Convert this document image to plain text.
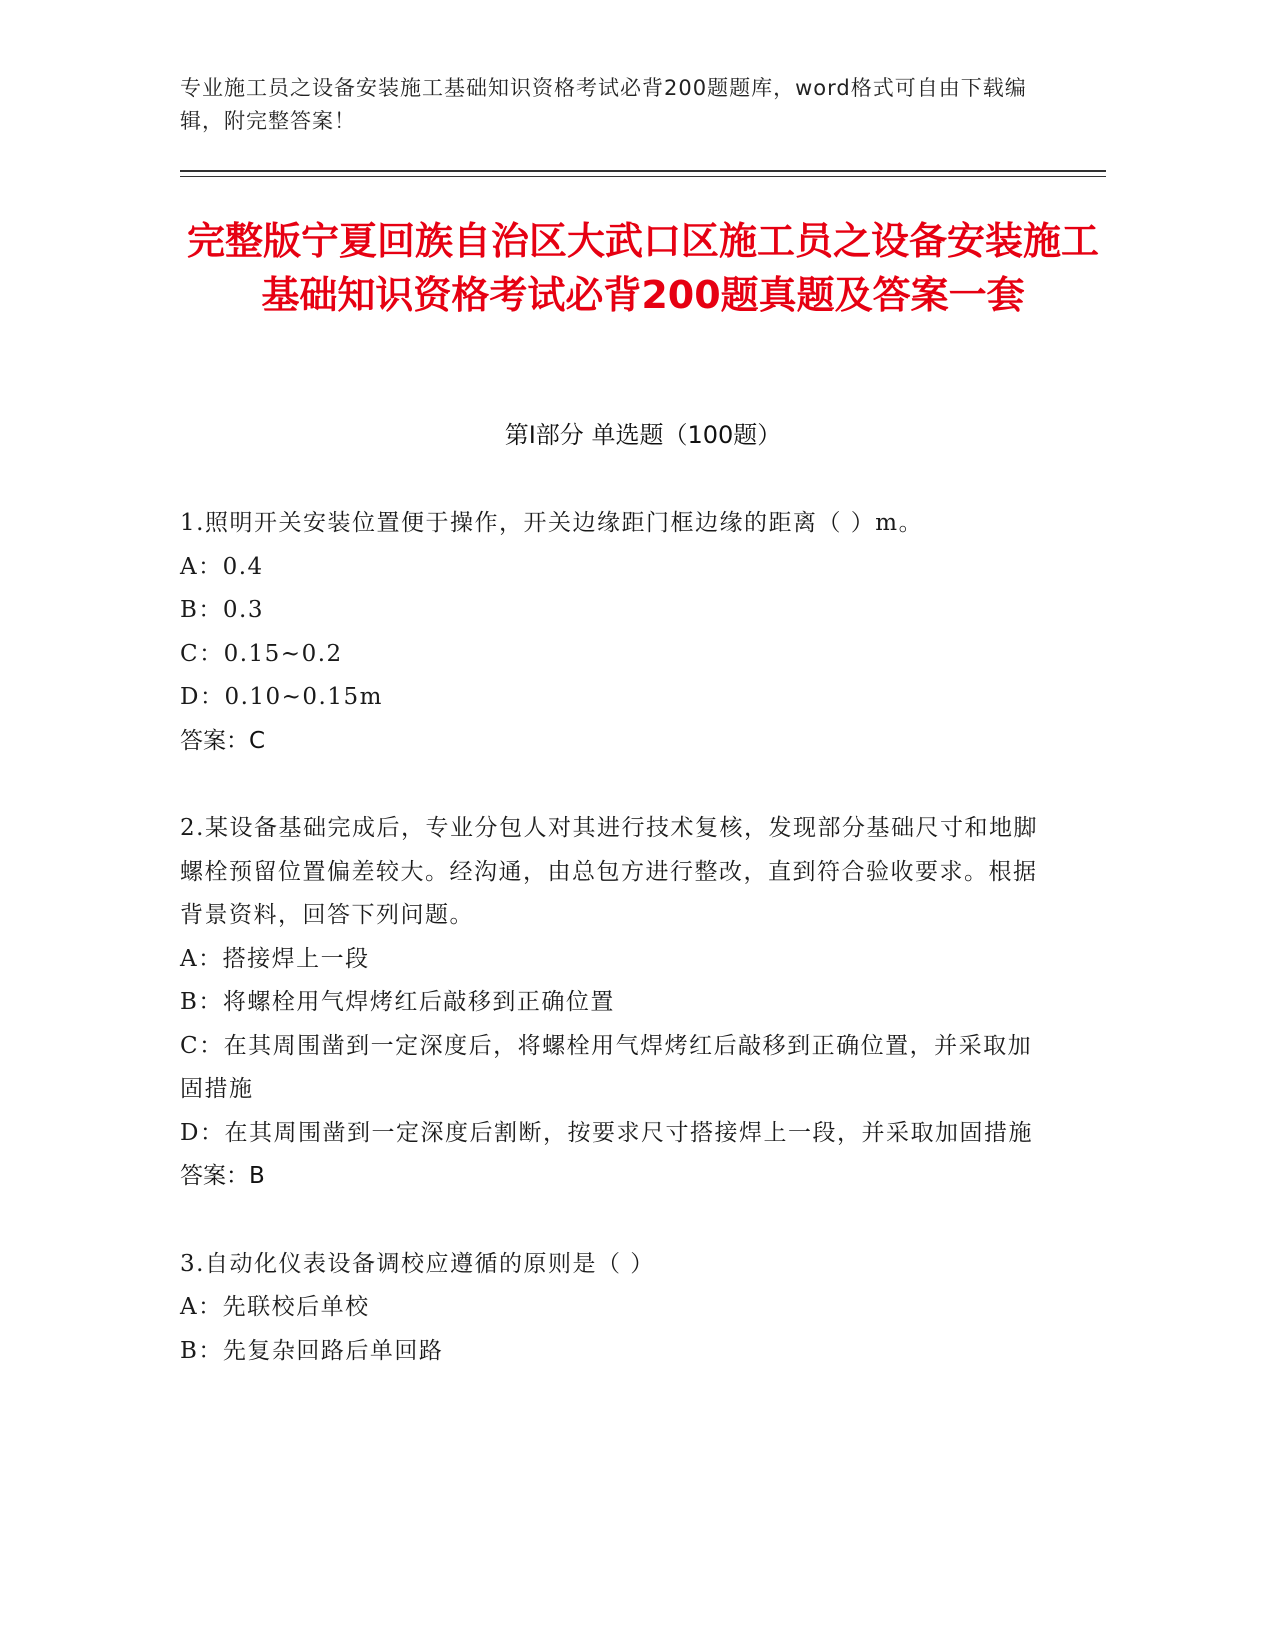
专业施工员之设备安装施工基础知识资格考试必背200题题库，word格式可自由下载编辑，附完整答案！
完整版宁夏回族自治区大武口区施工员之设备安装施工基础知识资格考试必背200题真题及答案一套
第Ⅰ部分 单选题（100题）
1.照明开关安装位置便于操作，开关边缘距门框边缘的距离（ ）m。
A：0.4
B：0.3
C：0.15~0.2
D：0.10~0.15m
答案：C
2.某设备基础完成后，专业分包人对其进行技术复核，发现部分基础尺寸和地脚螺栓预留位置偏差较大。经沟通，由总包方进行整改，直到符合验收要求。根据背景资料，回答下列问题。
A：搭接焊上一段
B：将螺栓用气焊烤红后敲移到正确位置
C：在其周围凿到一定深度后，将螺栓用气焊烤红后敲移到正确位置，并采取加固措施
D：在其周围凿到一定深度后割断，按要求尺寸搭接焊上一段，并采取加固措施
答案：B
3.自动化仪表设备调校应遵循的原则是（ ）
A：先联校后单校
B：先复杂回路后单回路
